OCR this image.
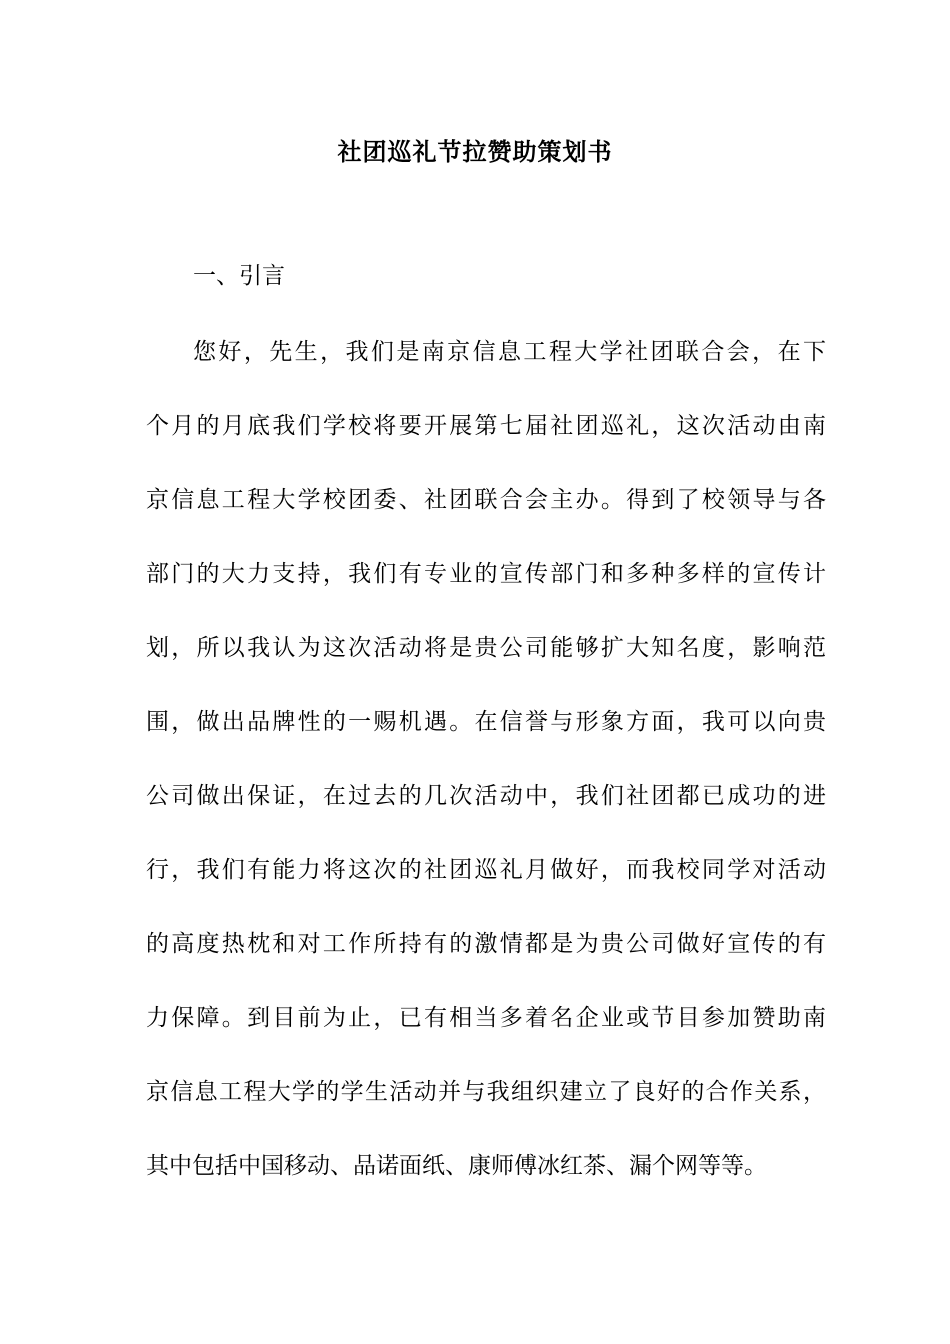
社团巡礼节拉赞助策划书
一、引言
您好，先生，我们是南京信息工程大学社团联合会，在下
个月的月底我们学校将要开展第七届社团巡礼，这次活动由南
京信息工程大学校团委、社团联合会主办。得到了校领导与各
部门的大力支持，我们有专业的宣传部门和多种多样的宣传计
划，所以我认为这次活动将是贵公司能够扩大知名度，影响范
围，做出品牌性的一赐机遇。在信誉与形象方面，我可以向贵
公司做出保证，在过去的几次活动中，我们社团都已成功的进
行，我们有能力将这次的社团巡礼月做好，而我校同学对活动
的高度热枕和对工作所持有的激情都是为贵公司做好宣传的有
力保障。到目前为止，已有相当多着名企业或节目参加赞助南
京信息工程大学的学生活动并与我组织建立了良好的合作关系，
其中包括中国移动、品诺面纸、康师傅冰红茶、漏个网等等。
